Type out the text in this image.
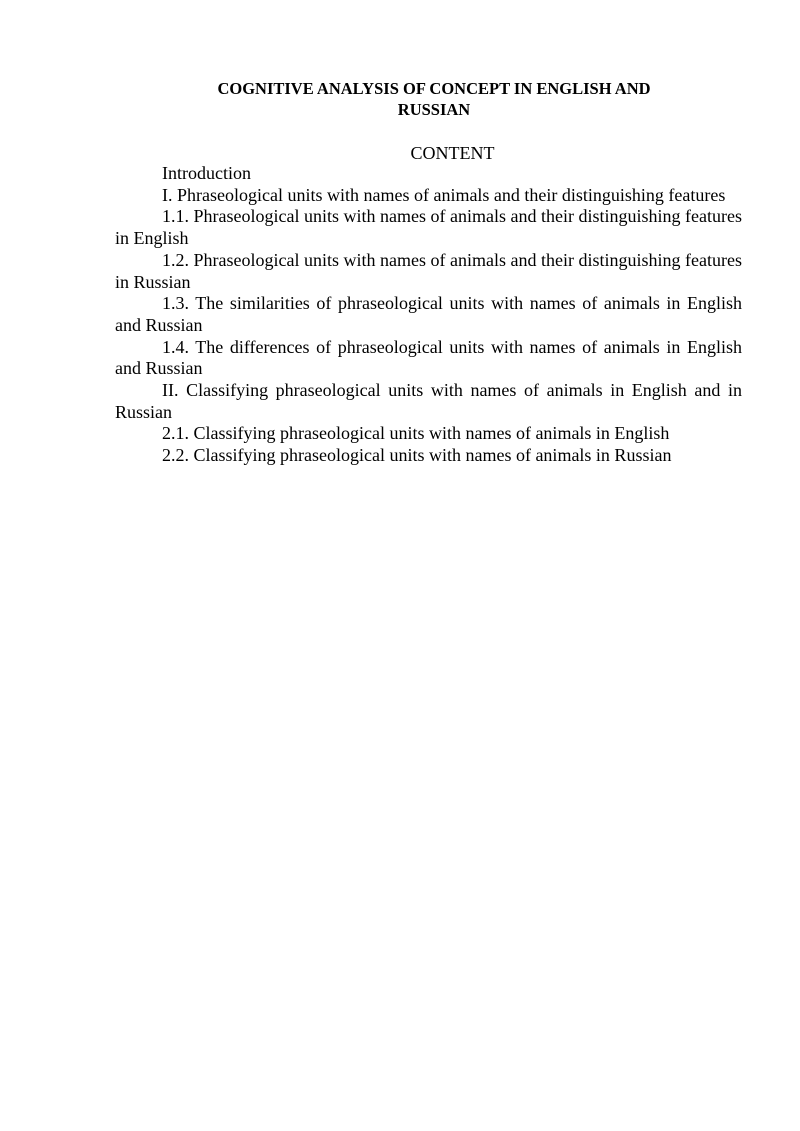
COGNITIVE ANALYSIS OF CONCEPT IN ENGLISH AND RUSSIAN
CONTENT
Introduction
I. Phraseological units with names of animals and their distinguishing features
1.1. Phraseological units with names of animals and their distinguishing features in English
1.2. Phraseological units with names of animals and their distinguishing features in Russian
1.3. The similarities of phraseological units with names of animals in English and Russian
1.4. The differences of phraseological units with names of animals in English and Russian
II. Classifying phraseological units with names of animals in English and in Russian
2.1. Classifying phraseological units with names of animals in English
2.2. Classifying phraseological units with names of animals in Russian
